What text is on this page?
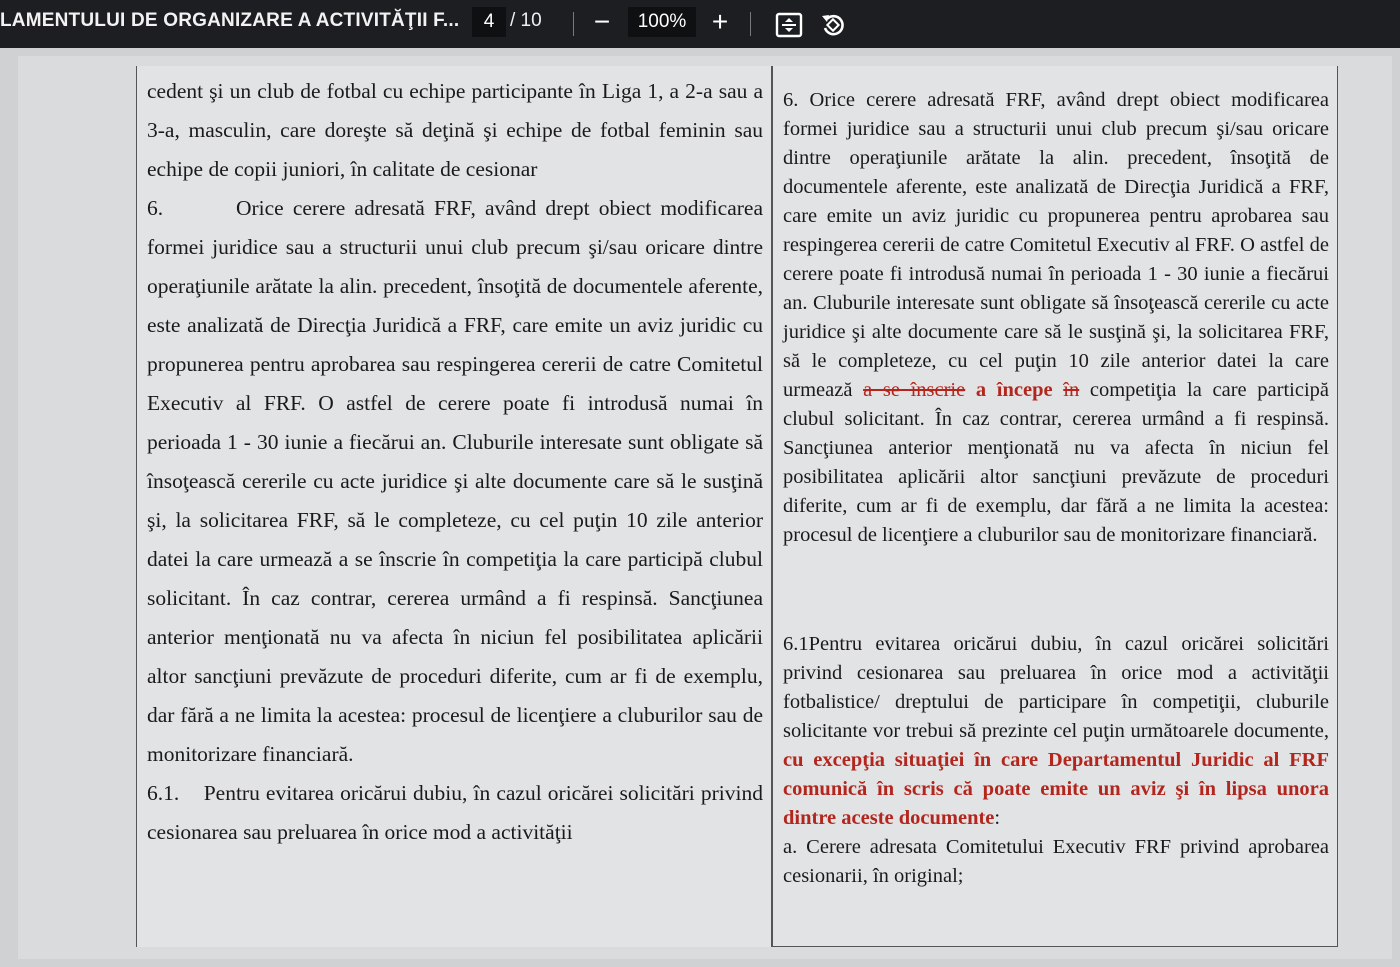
LAMENTULUI DE ORGANIZARE A ACTIVITĂŢII F...	4 / 10	−	100% +

cedent şi un club de fotbal cu echipe participante în Liga 1, a 2-a sau a 3-a, masculin, care doreşte să deţină şi echipe de fotbal feminin sau echipe de copii juniori, în calitate de cesionar

6.        Orice cerere adresată FRF, având drept obiect modificarea formei juridice sau a structurii unui club precum şi/sau oricare dintre operaţiunile arătate la alin. precedent, însoţită de documentele aferente, este analizată de Direcţia Juridică a FRF, care emite un aviz juridic cu propunerea pentru aprobarea sau respingerea cererii de catre Comitetul Executiv al FRF. O astfel de cerere poate fi introdusă numai în perioada 1 - 30 iunie a fiecărui an. Cluburile interesate sunt obligate să însoţească cererile cu acte juridice şi alte documente care să le susţină şi, la solicitarea FRF, să le completeze, cu cel puţin 10 zile anterior datei la care urmează a se înscrie în competiţia la care participă clubul solicitant. În caz contrar, cererea urmând a fi respinsă. Sancţiunea anterior menţionată nu va afecta în niciun fel posibilitatea aplicării altor sancţiuni prevăzute de proceduri diferite, cum ar fi de exemplu, dar fără a ne limita la acestea: procesul de licenţiere a cluburilor sau de monitorizare financiară.

6.1.    Pentru evitarea oricărui dubiu, în cazul oricărei solicitări privind cesionarea sau preluarea în orice mod a activităţii

6. Orice cerere adresată FRF, având drept obiect modificarea formei juridice sau a structurii unui club precum şi/sau oricare dintre operaţiunile arătate la alin. precedent, însoţită de documentele aferente, este analizată de Direcţia Juridică a FRF, care emite un aviz juridic cu propunerea pentru aprobarea sau respingerea cererii de catre Comitetul Executiv al FRF. O astfel de cerere poate fi introdusă numai în perioada 1 - 30 iunie a fiecărui an. Cluburile interesate sunt obligate să însoţească cererile cu acte juridice şi alte documente care să le susţină şi, la solicitarea FRF, să le completeze, cu cel puţin 10 zile anterior datei la care urmează a se înscrie a începe în competiţia la care participă clubul solicitant. În caz contrar, cererea urmând a fi respinsă. Sancţiunea anterior menţionată nu va afecta în niciun fel posibilitatea aplicării altor sancţiuni prevăzute de proceduri diferite, cum ar fi de exemplu, dar fără a ne limita la acestea: procesul de licenţiere a cluburilor sau de monitorizare financiară.

6.1Pentru evitarea oricărui dubiu, în cazul oricărei solicitări privind cesionarea sau preluarea în orice mod a activităţii fotbalistice/ dreptului de participare în competiţii, cluburile solicitante vor trebui să prezinte cel puţin următoarele documente, cu excepţia situaţiei în care Departamentul Juridic al FRF comunică în scris că poate emite un aviz şi în lipsa unora dintre aceste documente:

a. Cerere adresata Comitetului Executiv FRF privind aprobarea cesionarii, în original;
